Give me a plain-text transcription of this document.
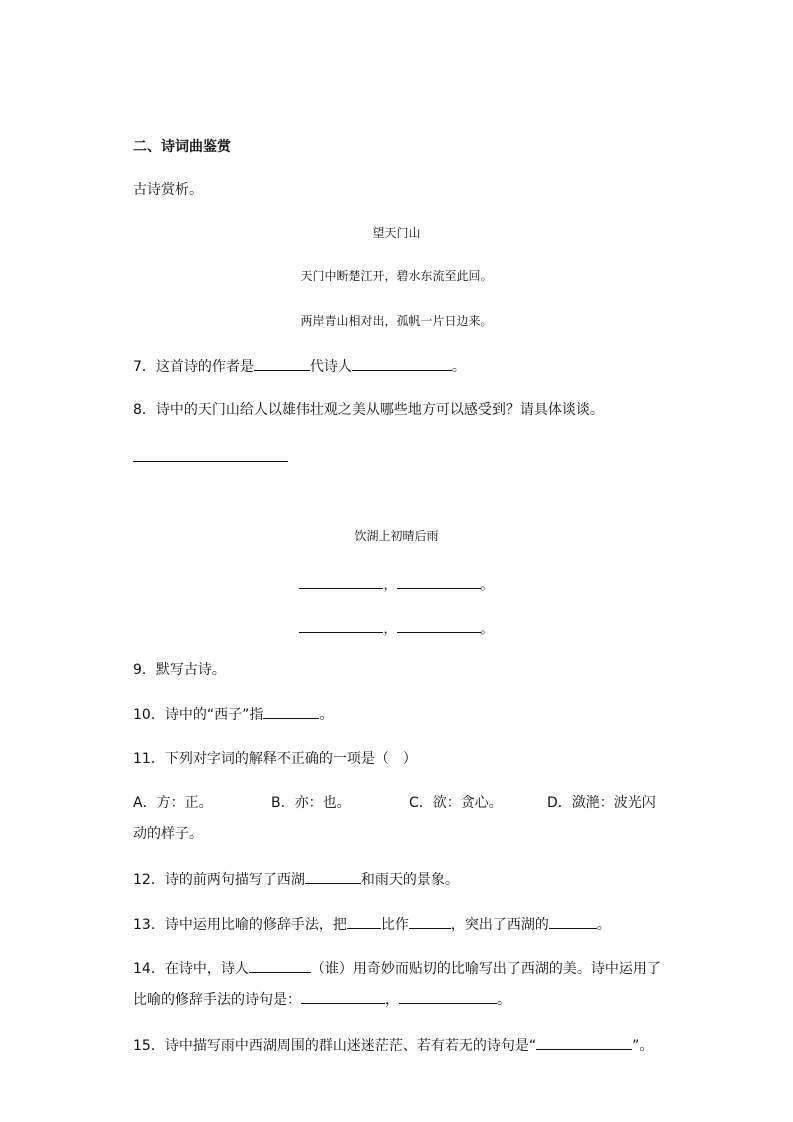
二、诗词曲鉴赏
古诗赏析。
望天门山
天门中断楚江开，碧水东流至此回。
两岸青山相对出，孤帆一片日边来。
7．这首诗的作者是	代诗人	。
8．诗中的天门山给人以雄伟壮观之美从哪些地方可以感受到？请具体谈谈。
饮湖上初晴后雨
，	。
，	。
9．默写古诗。
10．诗中的“西子”指	。
11．下列对字词的解释不正确的一项是（　）
A．方：正。	B．亦：也。	C．欲：贪心。	D．潋滟：波光闪
动的样子。
12．诗的前两句描写了西湖	和雨天的景象。
13．诗中运用比喻的修辞手法，把 比作	，突出了西湖的	。
14．在诗中，诗人	（谁）用奇妙而贴切的比喻写出了西湖的美。诗中运用了
比喻的修辞手法的诗句是：	，	。
15．诗中描写雨中西湖周围的群山迷迷茫茫、若有若无的诗句是“	”。
